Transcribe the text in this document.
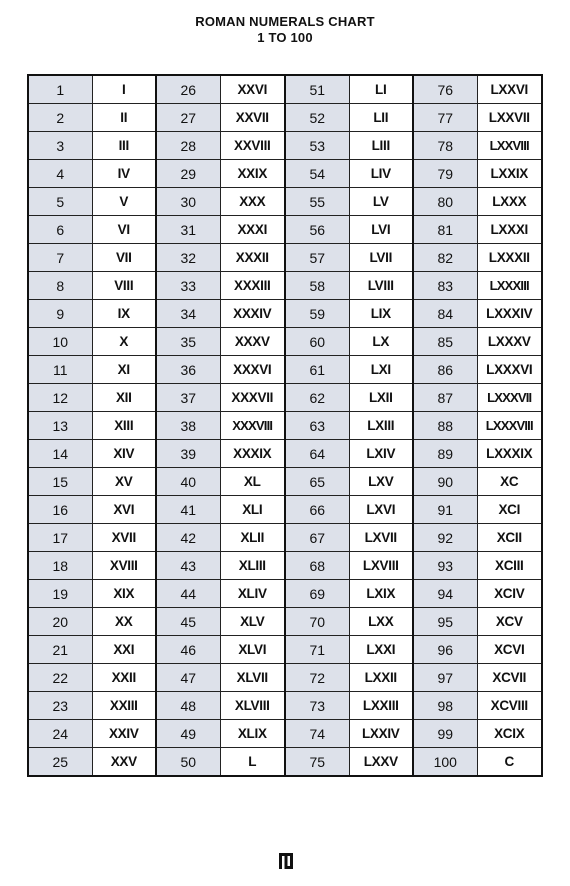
ROMAN NUMERALS CHART
1 TO 100
1	I	26	XXVI	51	LI	76	LXXVI
2	II	27	XXVII	52	LII	77	LXXVII
3	III	28	XXVIII	53	LIII	78	LXXVIII
4	IV	29	XXIX	54	LIV	79	LXXIX
5	V	30	XXX	55	LV	80	LXXX
6	VI	31	XXXI	56	LVI	81	LXXXI
7	VII	32	XXXII	57	LVII	82	LXXXII
8	VIII	33	XXXIII	58	LVIII	83	LXXXIII
9	IX	34	XXXIV	59	LIX	84	LXXXIV
10	X	35	XXXV	60	LX	85	LXXXV
11	XI	36	XXXVI	61	LXI	86	LXXXVI
12	XII	37	XXXVII	62	LXII	87	LXXXVII
13	XIII	38	XXXVIII	63	LXIII	88	LXXXVIII
14	XIV	39	XXXIX	64	LXIV	89	LXXXIX
15	XV	40	XL	65	LXV	90	XC
16	XVI	41	XLI	66	LXVI	91	XCI
17	XVII	42	XLII	67	LXVII	92	XCII
18	XVIII	43	XLIII	68	LXVIII	93	XCIII
19	XIX	44	XLIV	69	LXIX	94	XCIV
20	XX	45	XLV	70	LXX	95	XCV
21	XXI	46	XLVI	71	LXXI	96	XCVI
22	XXII	47	XLVII	72	LXXII	97	XCVII
23	XXIII	48	XLVIII	73	LXXIII	98	XCVIII
24	XXIV	49	XLIX	74	LXXIV	99	XCIX
25	XXV	50	L	75	LXXV	100	C
